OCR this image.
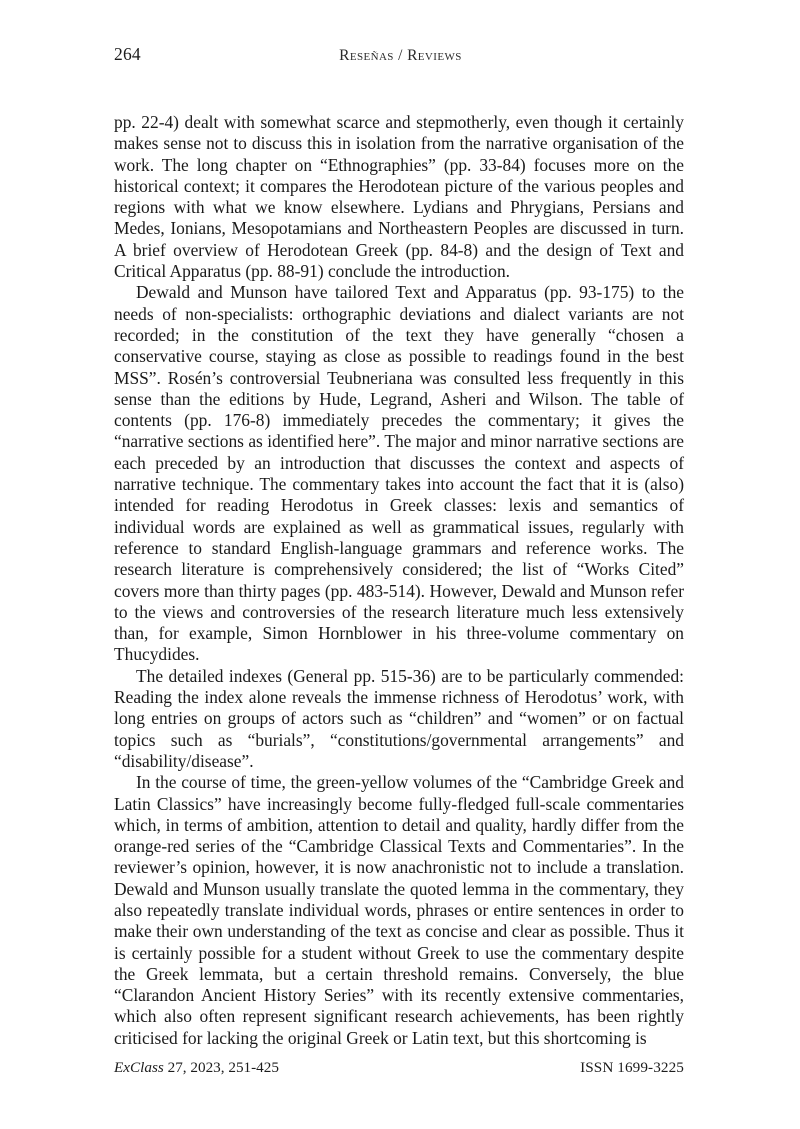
264	Reseñas / Reviews

pp. 22-4) dealt with somewhat scarce and stepmotherly, even though it certainly makes sense not to discuss this in isolation from the narrative organisation of the work. The long chapter on “Ethnographies” (pp. 33-84) focuses more on the historical context; it compares the Herodotean picture of the various peoples and regions with what we know elsewhere. Lydians and Phrygians, Persians and Medes, Ionians, Mesopotamians and Northeastern Peoples are discussed in turn. A brief overview of Herodotean Greek (pp. 84-8) and the design of Text and Critical Apparatus (pp. 88-91) conclude the introduction.

Dewald and Munson have tailored Text and Apparatus (pp. 93-175) to the needs of non-specialists: orthographic deviations and dialect variants are not recorded; in the constitution of the text they have generally “chosen a conservative course, staying as close as possible to readings found in the best MSS”. Rosén’s controversial Teubneriana was consulted less frequently in this sense than the editions by Hude, Legrand, Asheri and Wilson. The table of contents (pp. 176-8) immediately precedes the commentary; it gives the “narrative sections as identified here”. The major and minor narrative sections are each preceded by an introduction that discusses the context and aspects of narrative technique. The commentary takes into account the fact that it is (also) intended for reading Herodotus in Greek classes: lexis and semantics of individual words are explained as well as grammatical issues, regularly with reference to standard English-language grammars and reference works. The research literature is comprehensively considered; the list of “Works Cited” covers more than thirty pages (pp. 483-514). However, Dewald and Munson refer to the views and controversies of the research literature much less extensively than, for example, Simon Hornblower in his three-volume commentary on Thucydides.

The detailed indexes (General pp. 515-36) are to be particularly commended: Reading the index alone reveals the immense richness of Herodotus’ work, with long entries on groups of actors such as “children” and “women” or on factual topics such as “burials”, “constitutions/governmental arrangements” and “disability/disease”.

In the course of time, the green-yellow volumes of the “Cambridge Greek and Latin Classics” have increasingly become fully-fledged full-scale commentaries which, in terms of ambition, attention to detail and quality, hardly differ from the orange-red series of the “Cambridge Classical Texts and Commentaries”. In the reviewer’s opinion, however, it is now anachronistic not to include a translation. Dewald and Munson usually translate the quoted lemma in the commentary, they also repeatedly translate individual words, phrases or entire sentences in order to make their own understanding of the text as concise and clear as possible. Thus it is certainly possible for a student without Greek to use the commentary despite the Greek lemmata, but a certain threshold remains. Conversely, the blue “Clarandon Ancient History Series” with its recently extensive commentaries, which also often represent significant research achievements, has been rightly criticised for lacking the original Greek or Latin text, but this shortcoming is

ExClass 27, 2023, 251-425	ISSN 1699-3225
